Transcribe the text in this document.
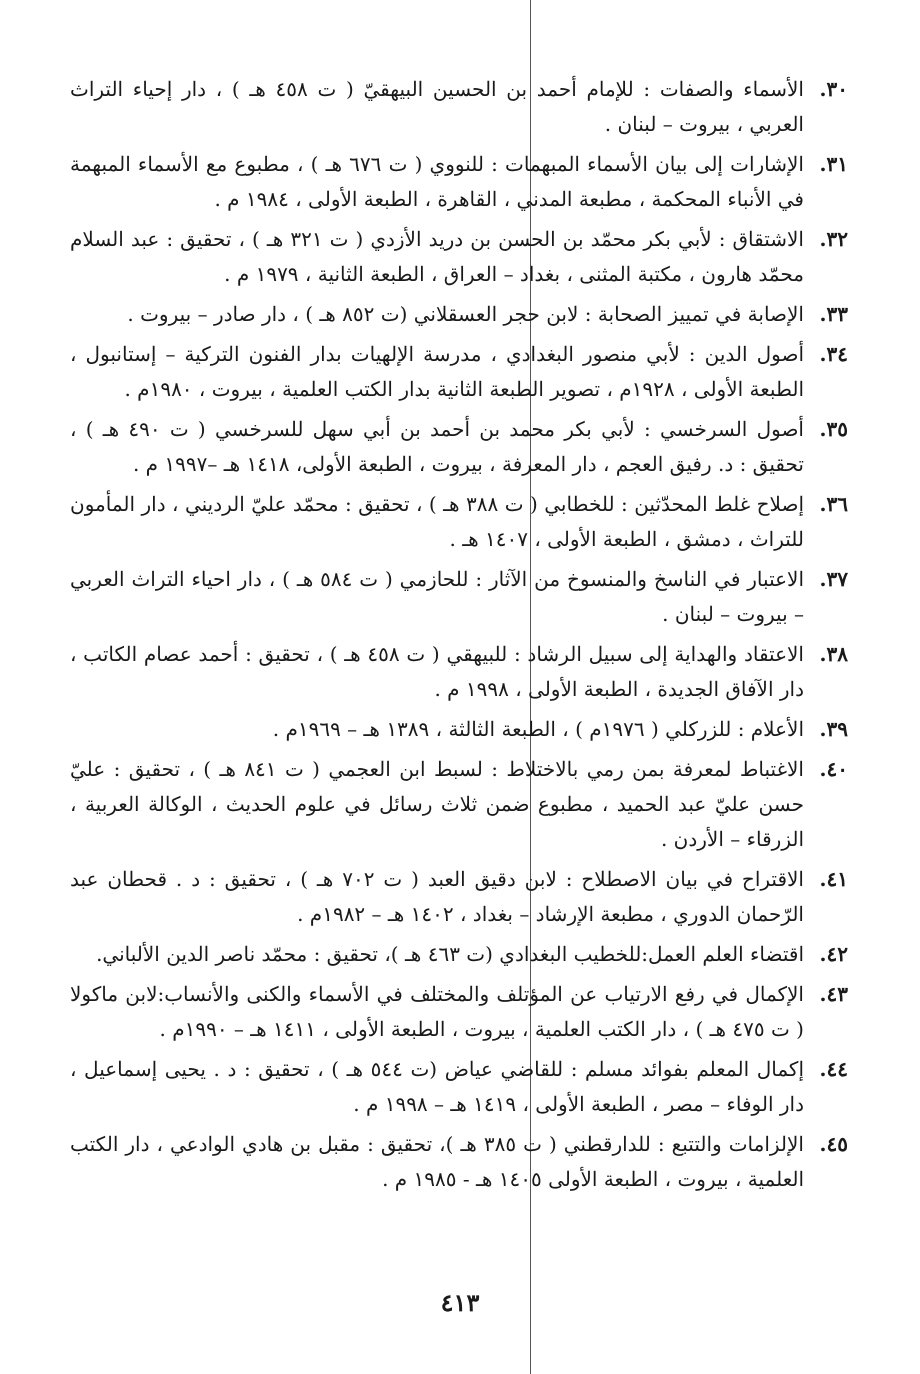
٣٠.
الأسماء والصفات : للإمام أحمد بن الحسين البيهقيّ ( ت ٤٥٨ هـ ) ، دار إحياء التراث العربي ، بيروت – لبنان .
٣١.
الإشارات إلى بيان الأسماء المبهمات : للنووي ( ت ٦٧٦ هـ ) ، مطبوع مع الأسماء المبهمة في الأنباء المحكمة ، مطبعة المدني ، القاهرة ، الطبعة الأولى ، ١٩٨٤ م .
٣٢.
الاشتقاق : لأبي بكر محمّد بن الحسن بن دريد الأزدي ( ت ٣٢١ هـ ) ، تحقيق : عبد السلام محمّد هارون ، مكتبة المثنى ، بغداد – العراق ، الطبعة الثانية ، ١٩٧٩ م .
٣٣.
الإصابة في تمييز الصحابة : لابن حجر العسقلاني (ت ٨٥٢ هـ ) ، دار صادر – بيروت .
٣٤.
أصول الدين : لأبي منصور البغدادي ، مدرسة الإلهيات بدار الفنون التركية – إستانبول ، الطبعة الأولى ، ١٩٢٨م ، تصوير الطبعة الثانية بدار الكتب العلمية ، بيروت ، ١٩٨٠م .
٣٥.
أصول السرخسي : لأبي بكر محمد بن أحمد بن أبي سهل للسرخسي ( ت ٤٩٠ هـ ) ، تحقيق : د. رفيق العجم ، دار المعرفة ، بيروت ، الطبعة الأولى، ١٤١٨ هـ –١٩٩٧ م .
٣٦.
إصلاح غلط المحدّثين : للخطابي ( ت ٣٨٨ هـ ) ، تحقيق : محمّد عليّ الرديني ، دار المأمون للتراث ، دمشق ، الطبعة الأولى ، ١٤٠٧ هـ .
٣٧.
الاعتبار في الناسخ والمنسوخ من الآثار : للحازمي ( ت ٥٨٤ هـ ) ، دار احياء التراث العربي – بيروت – لبنان .
٣٨.
الاعتقاد والهداية إلى سبيل الرشاد : للبيهقي ( ت ٤٥٨ هـ ) ، تحقيق : أحمد عصام الكاتب ، دار الآفاق الجديدة ، الطبعة الأولى ، ١٩٩٨ م .
٣٩.
الأعلام : للزركلي ( ١٩٧٦م ) ، الطبعة الثالثة ، ١٣٨٩ هـ – ١٩٦٩م .
٤٠.
الاغتباط لمعرفة بمن رمي بالاختلاط : لسبط ابن العجمي ( ت ٨٤١ هـ ) ، تحقيق : عليّ حسن عليّ عبد الحميد ، مطبوع ضمن ثلاث رسائل في علوم الحديث ، الوكالة العربية ، الزرقاء – الأردن .
٤١.
الاقتراح في بيان الاصطلاح : لابن دقيق العبد ( ت ٧٠٢ هـ ) ، تحقيق : د . قحطان عبد الرّحمان الدوري ، مطبعة الإرشاد – بغداد ، ١٤٠٢ هـ – ١٩٨٢م .
٤٢.
اقتضاء العلم العمل:للخطيب البغدادي (ت ٤٦٣ هـ )، تحقيق : محمّد ناصر الدين الألباني.
٤٣.
الإكمال في رفع الارتياب عن المؤتلف والمختلف في الأسماء والكنى والأنساب:لابن ماكولا ( ت ٤٧٥ هـ ) ، دار الكتب العلمية ، بيروت ، الطبعة الأولى ، ١٤١١ هـ – ١٩٩٠م .
٤٤.
إكمال المعلم بفوائد مسلم : للقاضي عياض (ت ٥٤٤ هـ ) ، تحقيق : د . يحيى إسماعيل ، دار الوفاء – مصر ، الطبعة الأولى ، ١٤١٩ هـ – ١٩٩٨ م .
٤٥.
الإلزامات والتتبع : للدارقطني ( ت ٣٨٥ هـ )، تحقيق : مقبل بن هادي الوادعي ، دار الكتب العلمية ، بيروت ، الطبعة الأولى ١٤٠٥ هـ - ١٩٨٥ م .
٤١٣
